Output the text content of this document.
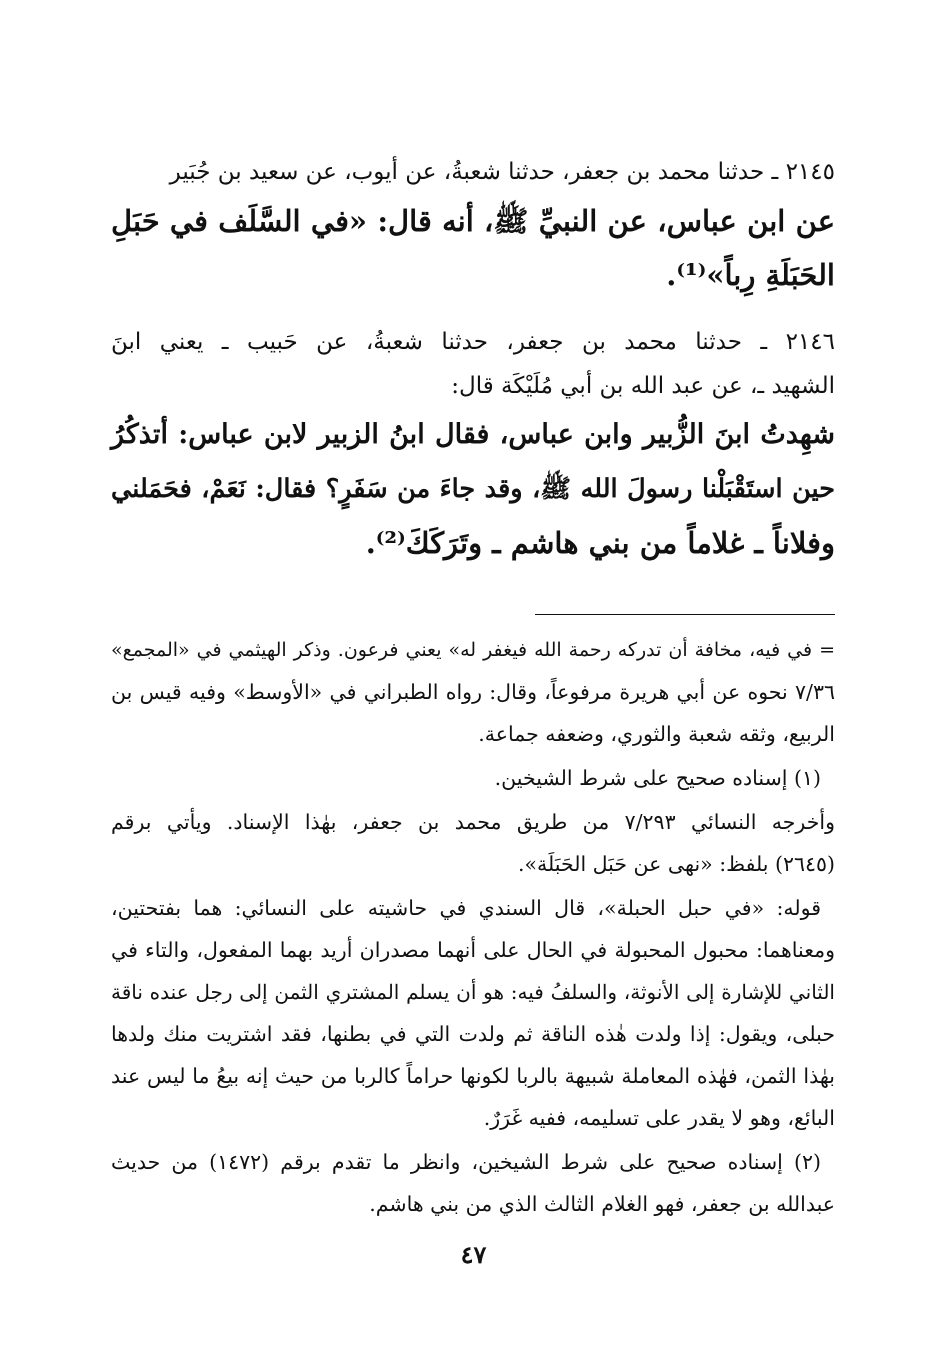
٢١٤٥ ـ حدثنا محمد بن جعفر، حدثنا شعبةُ، عن أيوب، عن سعيد بن جُبَير
عن ابن عباس، عن النبيِّ ﷺ، أنه قال: «في السَّلَف في حَبَلِ
الحَبَلَةِ رِباً»⁽¹⁾.
٢١٤٦ ـ حدثنا محمد بن جعفر، حدثنا شعبةُ، عن حَبيب ـ يعني ابنَ
الشهيد ـ، عن عبد الله بن أبي مُلَيْكَة قال:
شهِدتُ ابنَ الزُّبير وابن عباس، فقال ابنُ الزبير لابن عباس: أتذكُرُ
حين استَقْبَلْنا رسولَ الله ﷺ، وقد جاءَ من سَفَرٍ؟ فقال: نَعَمْ، فحَمَلني
وفلاناً ـ غلاماً من بني هاشم ـ وتَرَكَكَ⁽²⁾.
= في فيه، مخافة أن تدركه رحمة الله فيغفر له» يعني فرعون. وذكر الهيثمي في «المجمع»
٧/٣٦ نحوه عن أبي هريرة مرفوعاً، وقال: رواه الطبراني في «الأوسط» وفيه قيس بن
الربيع، وثقه شعبة والثوري، وضعفه جماعة.
(١) إسناده صحيح على شرط الشيخين.
وأخرجه النسائي ٧/٢٩٣ من طريق محمد بن جعفر، بهٰذا الإسناد. ويأتي برقم
(٢٦٤٥) بلفظ: «نهى عن حَبَل الحَبَلَة».
قوله: «في حبل الحبلة»، قال السندي في حاشيته على النسائي: هما بفتحتين،
ومعناهما: محبول المحبولة في الحال على أنهما مصدران أريد بهما المفعول، والتاء في
الثاني للإشارة إلى الأنوثة، والسلفُ فيه: هو أن يسلم المشتري الثمن إلى رجل عنده ناقة
حبلى، ويقول: إذا ولدت هٰذه الناقة ثم ولدت التي في بطنها، فقد اشتريت منك ولدها
بهٰذا الثمن، فهٰذه المعاملة شبيهة بالربا لكونها حراماً كالربا من حيث إنه بيعُ ما ليس عند
البائع، وهو لا يقدر على تسليمه، ففيه غَرَرٌ.
(٢) إسناده صحيح على شرط الشيخين، وانظر ما تقدم برقم (١٤٧٢) من حديث
عبدالله بن جعفر، فهو الغلام الثالث الذي من بني هاشم.
٤٧
